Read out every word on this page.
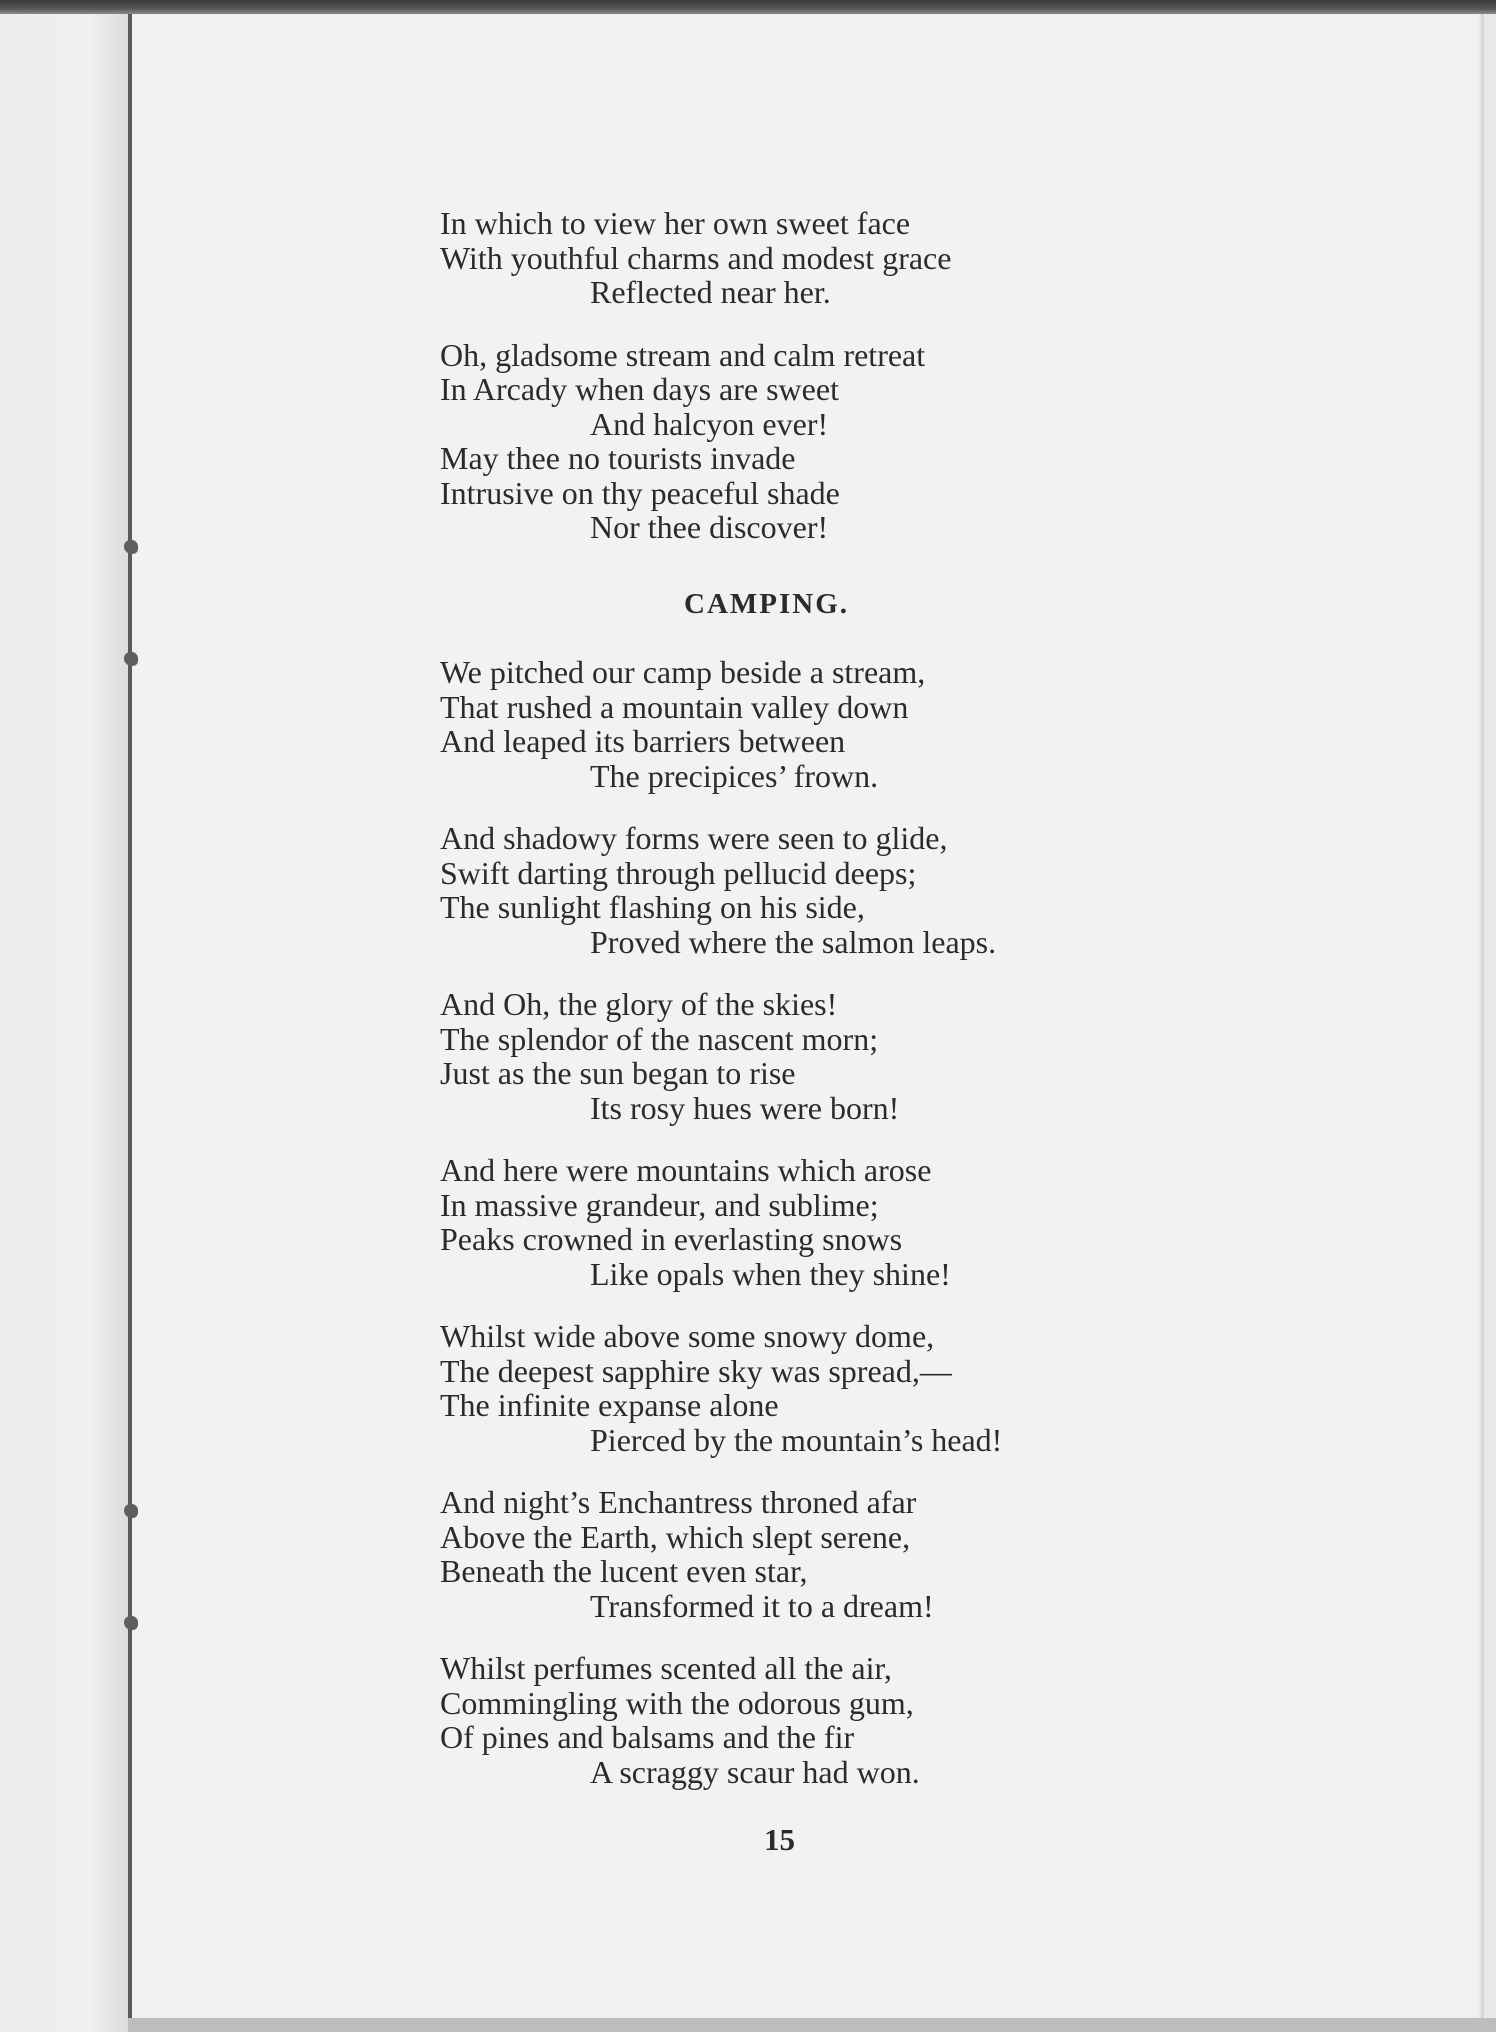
In which to view her own sweet face
With youthful charms and modest grace
Reflected near her.
Oh, gladsome stream and calm retreat
In Arcady when days are sweet
And halcyon ever!
May thee no tourists invade
Intrusive on thy peaceful shade
Nor thee discover!
CAMPING.
We pitched our camp beside a stream,
That rushed a mountain valley down
And leaped its barriers between
The precipices’ frown.
And shadowy forms were seen to glide,
Swift darting through pellucid deeps;
The sunlight flashing on his side,
Proved where the salmon leaps.
And Oh, the glory of the skies!
The splendor of the nascent morn;
Just as the sun began to rise
Its rosy hues were born!
And here were mountains which arose
In massive grandeur, and sublime;
Peaks crowned in everlasting snows
Like opals when they shine!
Whilst wide above some snowy dome,
The deepest sapphire sky was spread,—
The infinite expanse alone
Pierced by the mountain’s head!
And night’s Enchantress throned afar
Above the Earth, which slept serene,
Beneath the lucent even star,
Transformed it to a dream!
Whilst perfumes scented all the air,
Commingling with the odorous gum,
Of pines and balsams and the fir
A scraggy scaur had won.
15
